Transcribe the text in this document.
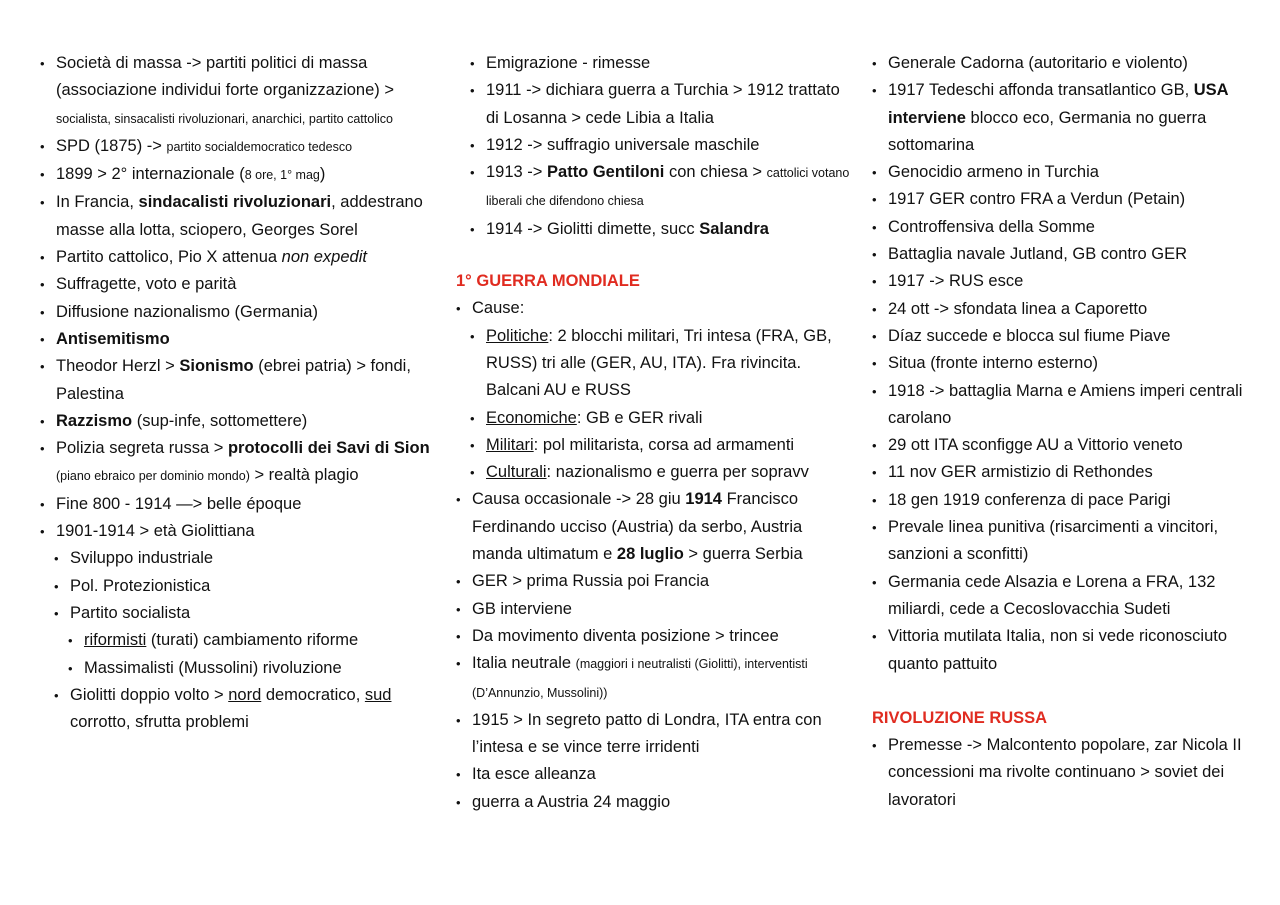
• Società di massa -> partiti politici di massa (associazione individui forte organizzazione) > socialista, sinsacalisti rivoluzionari, anarchici, partito cattolico
• SPD (1875) -> partito socialdemocratico tedesco
• 1899 > 2° internazionale (8 ore, 1° mag)
• In Francia, sindacalisti rivoluzionari, addestrano masse alla lotta, sciopero, Georges Sorel
• Partito cattolico, Pio X attenua non expedit
• Suffragette, voto e parità
• Diffusione nazionalismo (Germania)
• Antisemitismo
• Theodor Herzl > Sionismo (ebrei patria) > fondi, Palestina
• Razzismo (sup-infe, sottomettere)
• Polizia segreta russa > protocolli dei Savi di Sion (piano ebraico per dominio mondo) > realtà plagio
• Fine 800 - 1914 —> belle époque
• 1901-1914 > età Giolittiana
• Sviluppo industriale
• Pol. Protezionistica
• Partito socialista
• riformisti (turati) cambiamento riforme
• Massimalisti (Mussolini) rivoluzione
• Giolitti doppio volto > nord democratico, sud corrotto, sfrutta problemi
• Emigrazione - rimesse
• 1911 -> dichiara guerra a Turchia > 1912 trattato di Losanna > cede Libia a Italia
• 1912 -> suffragio universale maschile
• 1913 -> Patto Gentiloni con chiesa > cattolici votano liberali che difendono chiesa
• 1914 -> Giolitti dimette, succ Salandra
1° GUERRA MONDIALE
• Cause:
• Politiche: 2 blocchi militari, Tri intesa (FRA, GB, RUSS) tri alle (GER, AU, ITA). Fra rivincita. Balcani AU e RUSS
• Economiche: GB e GER rivali
• Militari: pol militarista, corsa ad armamenti
• Culturali: nazionalismo e guerra per sopravv
• Causa occasionale -> 28 giu 1914 Francisco Ferdinando ucciso (Austria) da serbo, Austria manda ultimatum e 28 luglio > guerra Serbia
• GER > prima Russia poi Francia
• GB interviene
• Da movimento diventa posizione > trincee
• Italia neutrale (maggiori i neutralisti (Giolitti), interventisti (D’Annunzio, Mussolini))
• 1915 > In segreto patto di Londra, ITA entra con l’intesa e se vince terre irridenti
• Ita esce alleanza
• guerra a Austria 24 maggio
• Generale Cadorna (autoritario e violento)
• 1917 Tedeschi affonda transatlantico GB, USA interviene blocco eco, Germania no guerra sottomarina
• Genocidio armeno in Turchia
• 1917 GER contro FRA a Verdun (Petain)
• Controffensiva della Somme
• Battaglia navale Jutland, GB contro GER
• 1917 -> RUS esce
• 24 ott -> sfondata linea a Caporetto
• Díaz succede e blocca sul fiume Piave
• Situa (fronte interno esterno)
• 1918 -> battaglia Marna e Amiens imperi centrali carolano
• 29 ott ITA sconfigge AU a Vittorio veneto
• 11 nov GER armistizio di Rethondes
• 18 gen 1919 conferenza di pace Parigi
• Prevale linea punitiva (risarcimenti a vincitori, sanzioni a sconfitti)
• Germania cede Alsazia e Lorena a FRA, 132 miliardi, cede a Cecoslovacchia Sudeti
• Vittoria mutilata Italia, non si vede riconosciuto quanto pattuito
RIVOLUZIONE RUSSA
• Premesse -> Malcontento popolare, zar Nicola II concessioni ma rivolte continuano > soviet dei lavoratori
